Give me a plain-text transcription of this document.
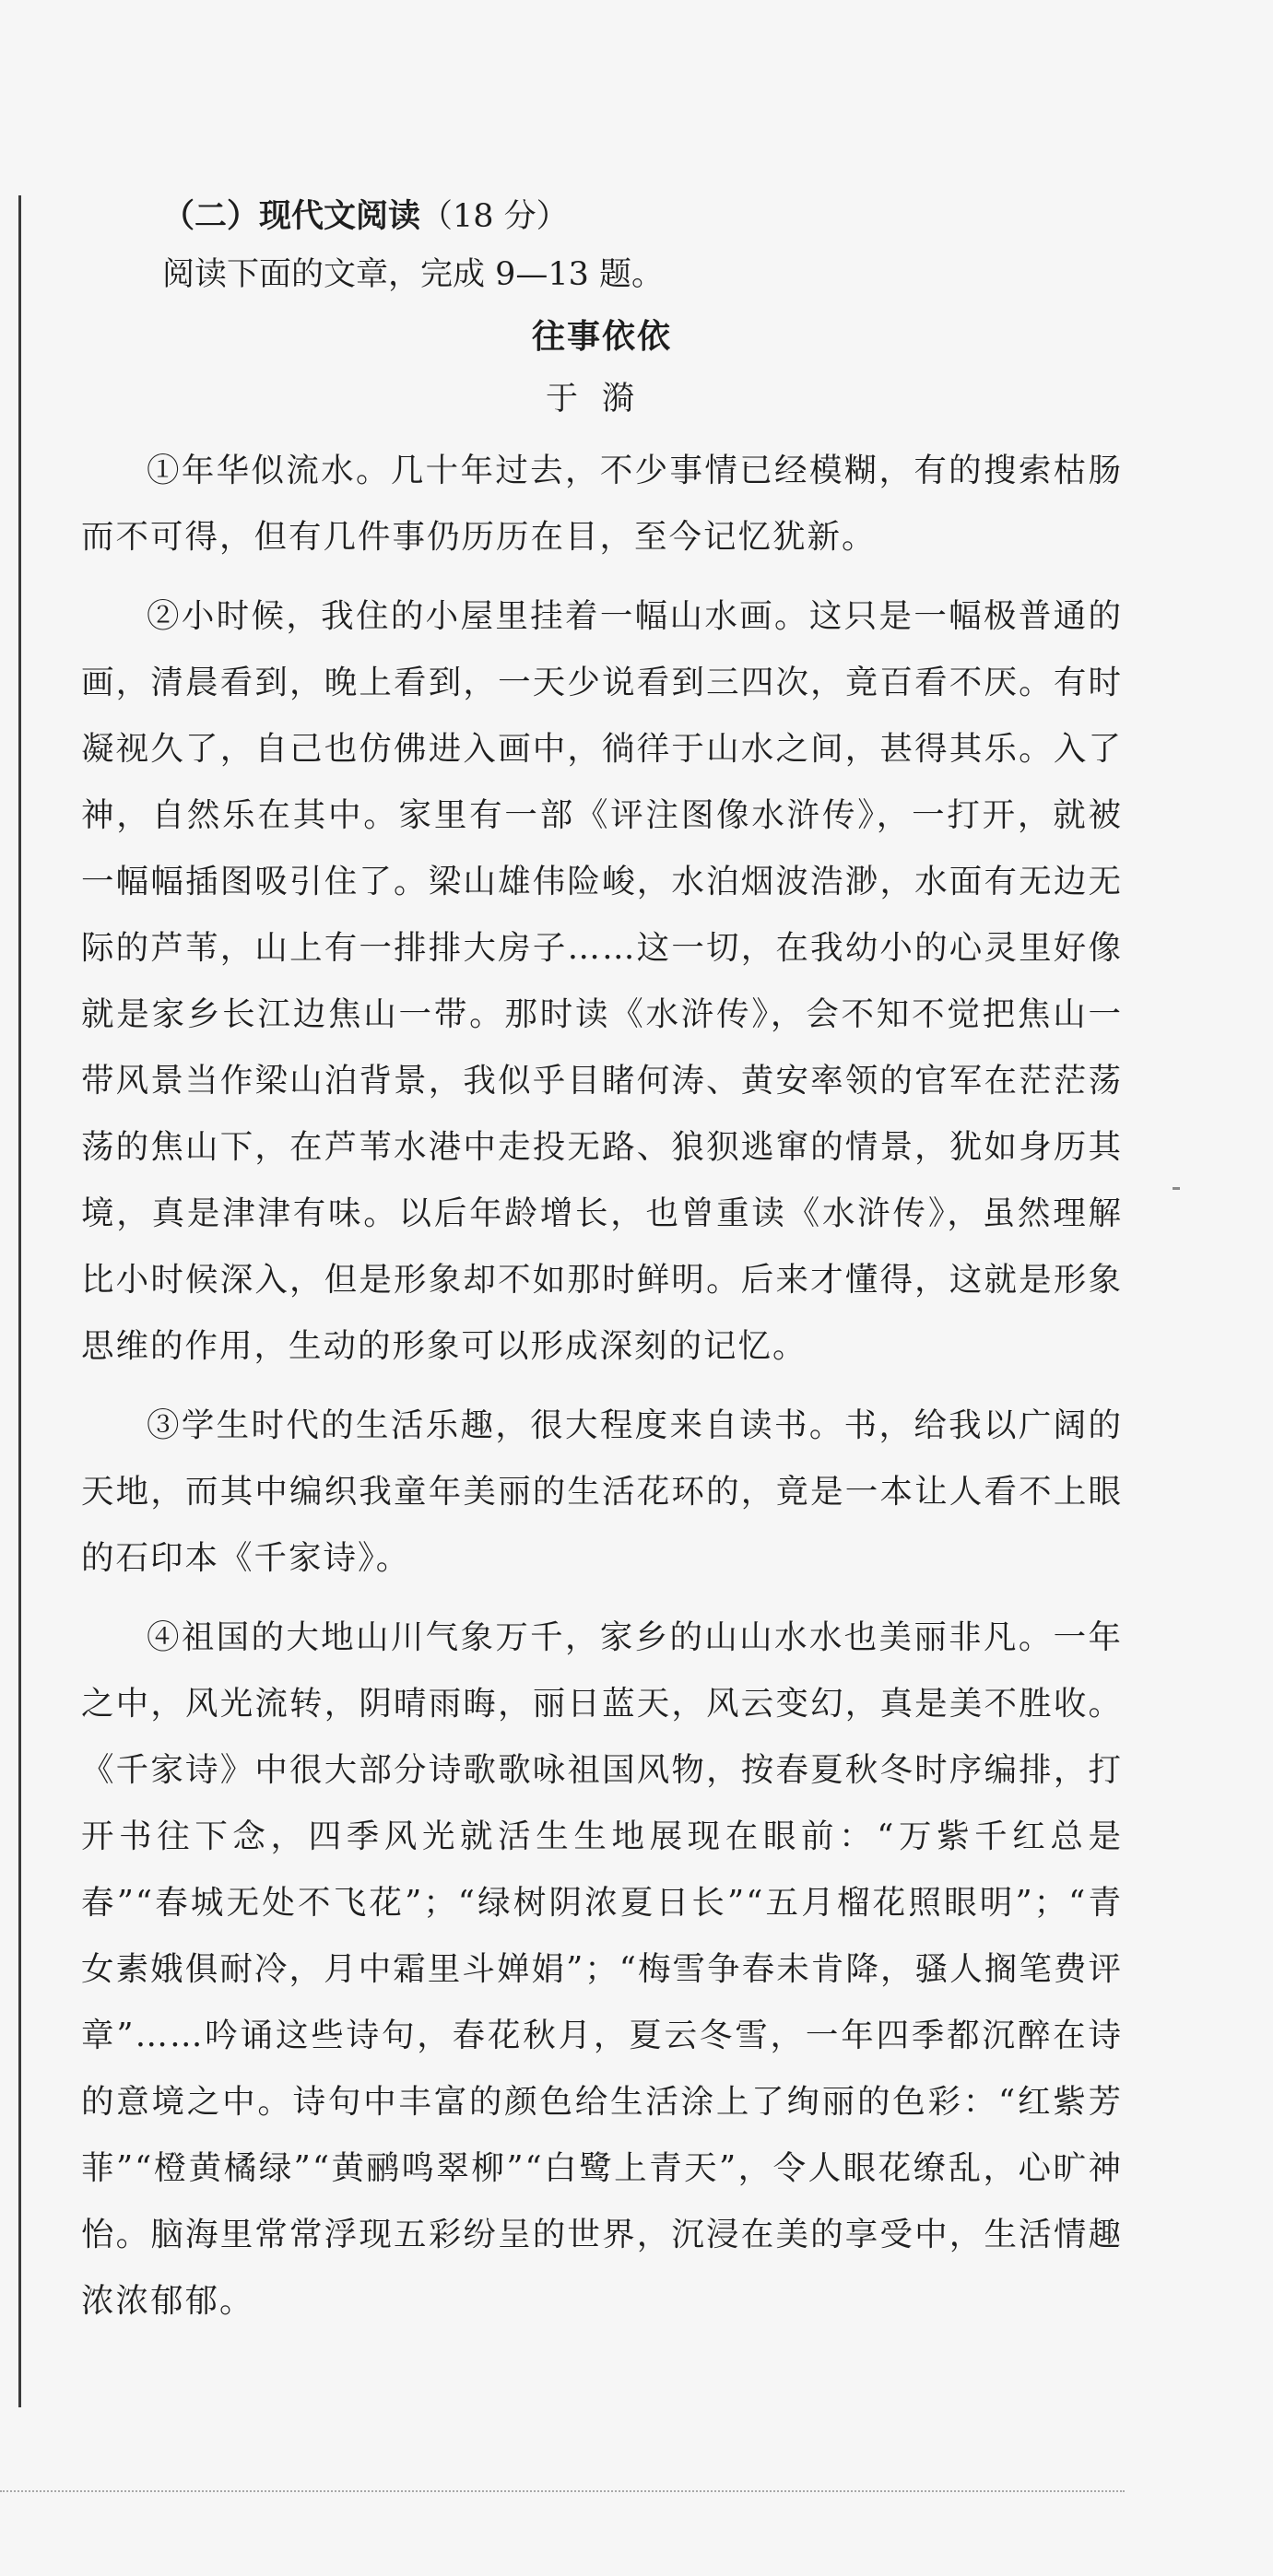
（二）现代文阅读（18 分）
阅读下面的文章，完成 9—13 题。
往事依依
于漪

①年华似流水。几十年过去，不少事情已经模糊，有的搜索枯肠而不可得，但有几件事仍历历在目，至今记忆犹新。

②小时候，我住的小屋里挂着一幅山水画。这只是一幅极普通的画，清晨看到，晚上看到，一天少说看到三四次，竟百看不厌。有时凝视久了，自己也仿佛进入画中，徜徉于山水之间，甚得其乐。入了神，自然乐在其中。家里有一部《评注图像水浒传》，一打开，就被一幅幅插图吸引住了。梁山雄伟险峻，水泊烟波浩渺，水面有无边无际的芦苇，山上有一排排大房子……这一切，在我幼小的心灵里好像就是家乡长江边焦山一带。那时读《水浒传》，会不知不觉把焦山一带风景当作梁山泊背景，我似乎目睹何涛、黄安率领的官军在茫茫荡荡的焦山下，在芦苇水港中走投无路、狼狈逃窜的情景，犹如身历其境，真是津津有味。以后年龄增长，也曾重读《水浒传》，虽然理解比小时候深入，但是形象却不如那时鲜明。后来才懂得，这就是形象思维的作用，生动的形象可以形成深刻的记忆。

③学生时代的生活乐趣，很大程度来自读书。书，给我以广阔的天地，而其中编织我童年美丽的生活花环的，竟是一本让人看不上眼的石印本《千家诗》。

④祖国的大地山川气象万千，家乡的山山水水也美丽非凡。一年之中，风光流转，阴晴雨晦，丽日蓝天，风云变幻，真是美不胜收。《千家诗》中很大部分诗歌歌咏祖国风物，按春夏秋冬时序编排，打开书往下念，四季风光就活生生地展现在眼前：“万紫千红总是春”“春城无处不飞花”；“绿树阴浓夏日长”“五月榴花照眼明”；“青女素娥俱耐冷，月中霜里斗婵娟”；“梅雪争春未肯降，骚人搁笔费评章”……吟诵这些诗句，春花秋月，夏云冬雪，一年四季都沉醉在诗的意境之中。诗句中丰富的颜色给生活涂上了绚丽的色彩：“红紫芳菲”“橙黄橘绿”“黄鹂鸣翠柳”“白鹭上青天”，令人眼花缭乱，心旷神怡。脑海里常常浮现五彩纷呈的世界，沉浸在美的享受中，生活情趣浓浓郁郁。
